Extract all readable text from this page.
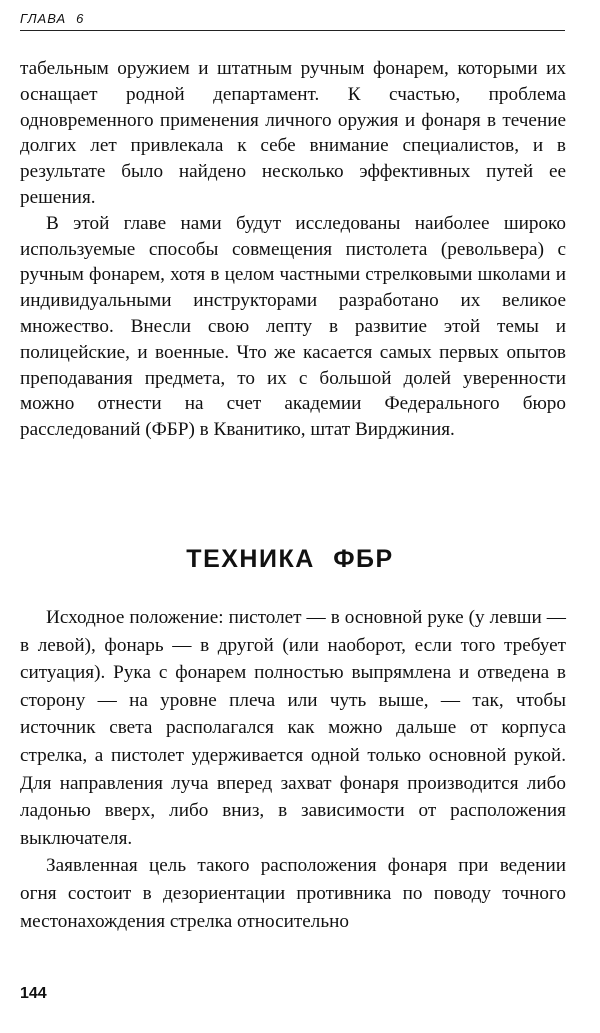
ГЛАВА 6

табельным оружием и штатным ручным фонарем, которыми их оснащает родной департамент. К счастью, проблема одновременного применения личного оружия и фонаря в течение долгих лет привлекала к себе внимание специалистов, и в результате было найдено несколько эффективных путей ее решения.

В этой главе нами будут исследованы наиболее широко используемые способы совмещения пистолета (револьвера) с ручным фонарем, хотя в целом частными стрелковыми школами и индивидуальными инструкторами разработано их великое множество. Внесли свою лепту в развитие этой темы и полицейские, и военные. Что же касается самых первых опытов преподавания предмета, то их с большой долей уверенности можно отнести на счет академии Федерального бюро расследований (ФБР) в Кванитико, штат Вирджиния.

ТЕХНИКА ФБР

Исходное положение: пистолет — в основной руке (у левши — в левой), фонарь — в другой (или наоборот, если того требует ситуация). Рука с фонарем полностью выпрямлена и отведена в сторону — на уровне плеча или чуть выше, — так, чтобы источник света располагался как можно дальше от корпуса стрелка, а пистолет удерживается одной только основной рукой. Для направления луча вперед захват фонаря производится либо ладонью вверх, либо вниз, в зависимости от расположения выключателя.

Заявленная цель такого расположения фонаря при ведении огня состоит в дезориентации противника по поводу точного местонахождения стрелка относительно

144
